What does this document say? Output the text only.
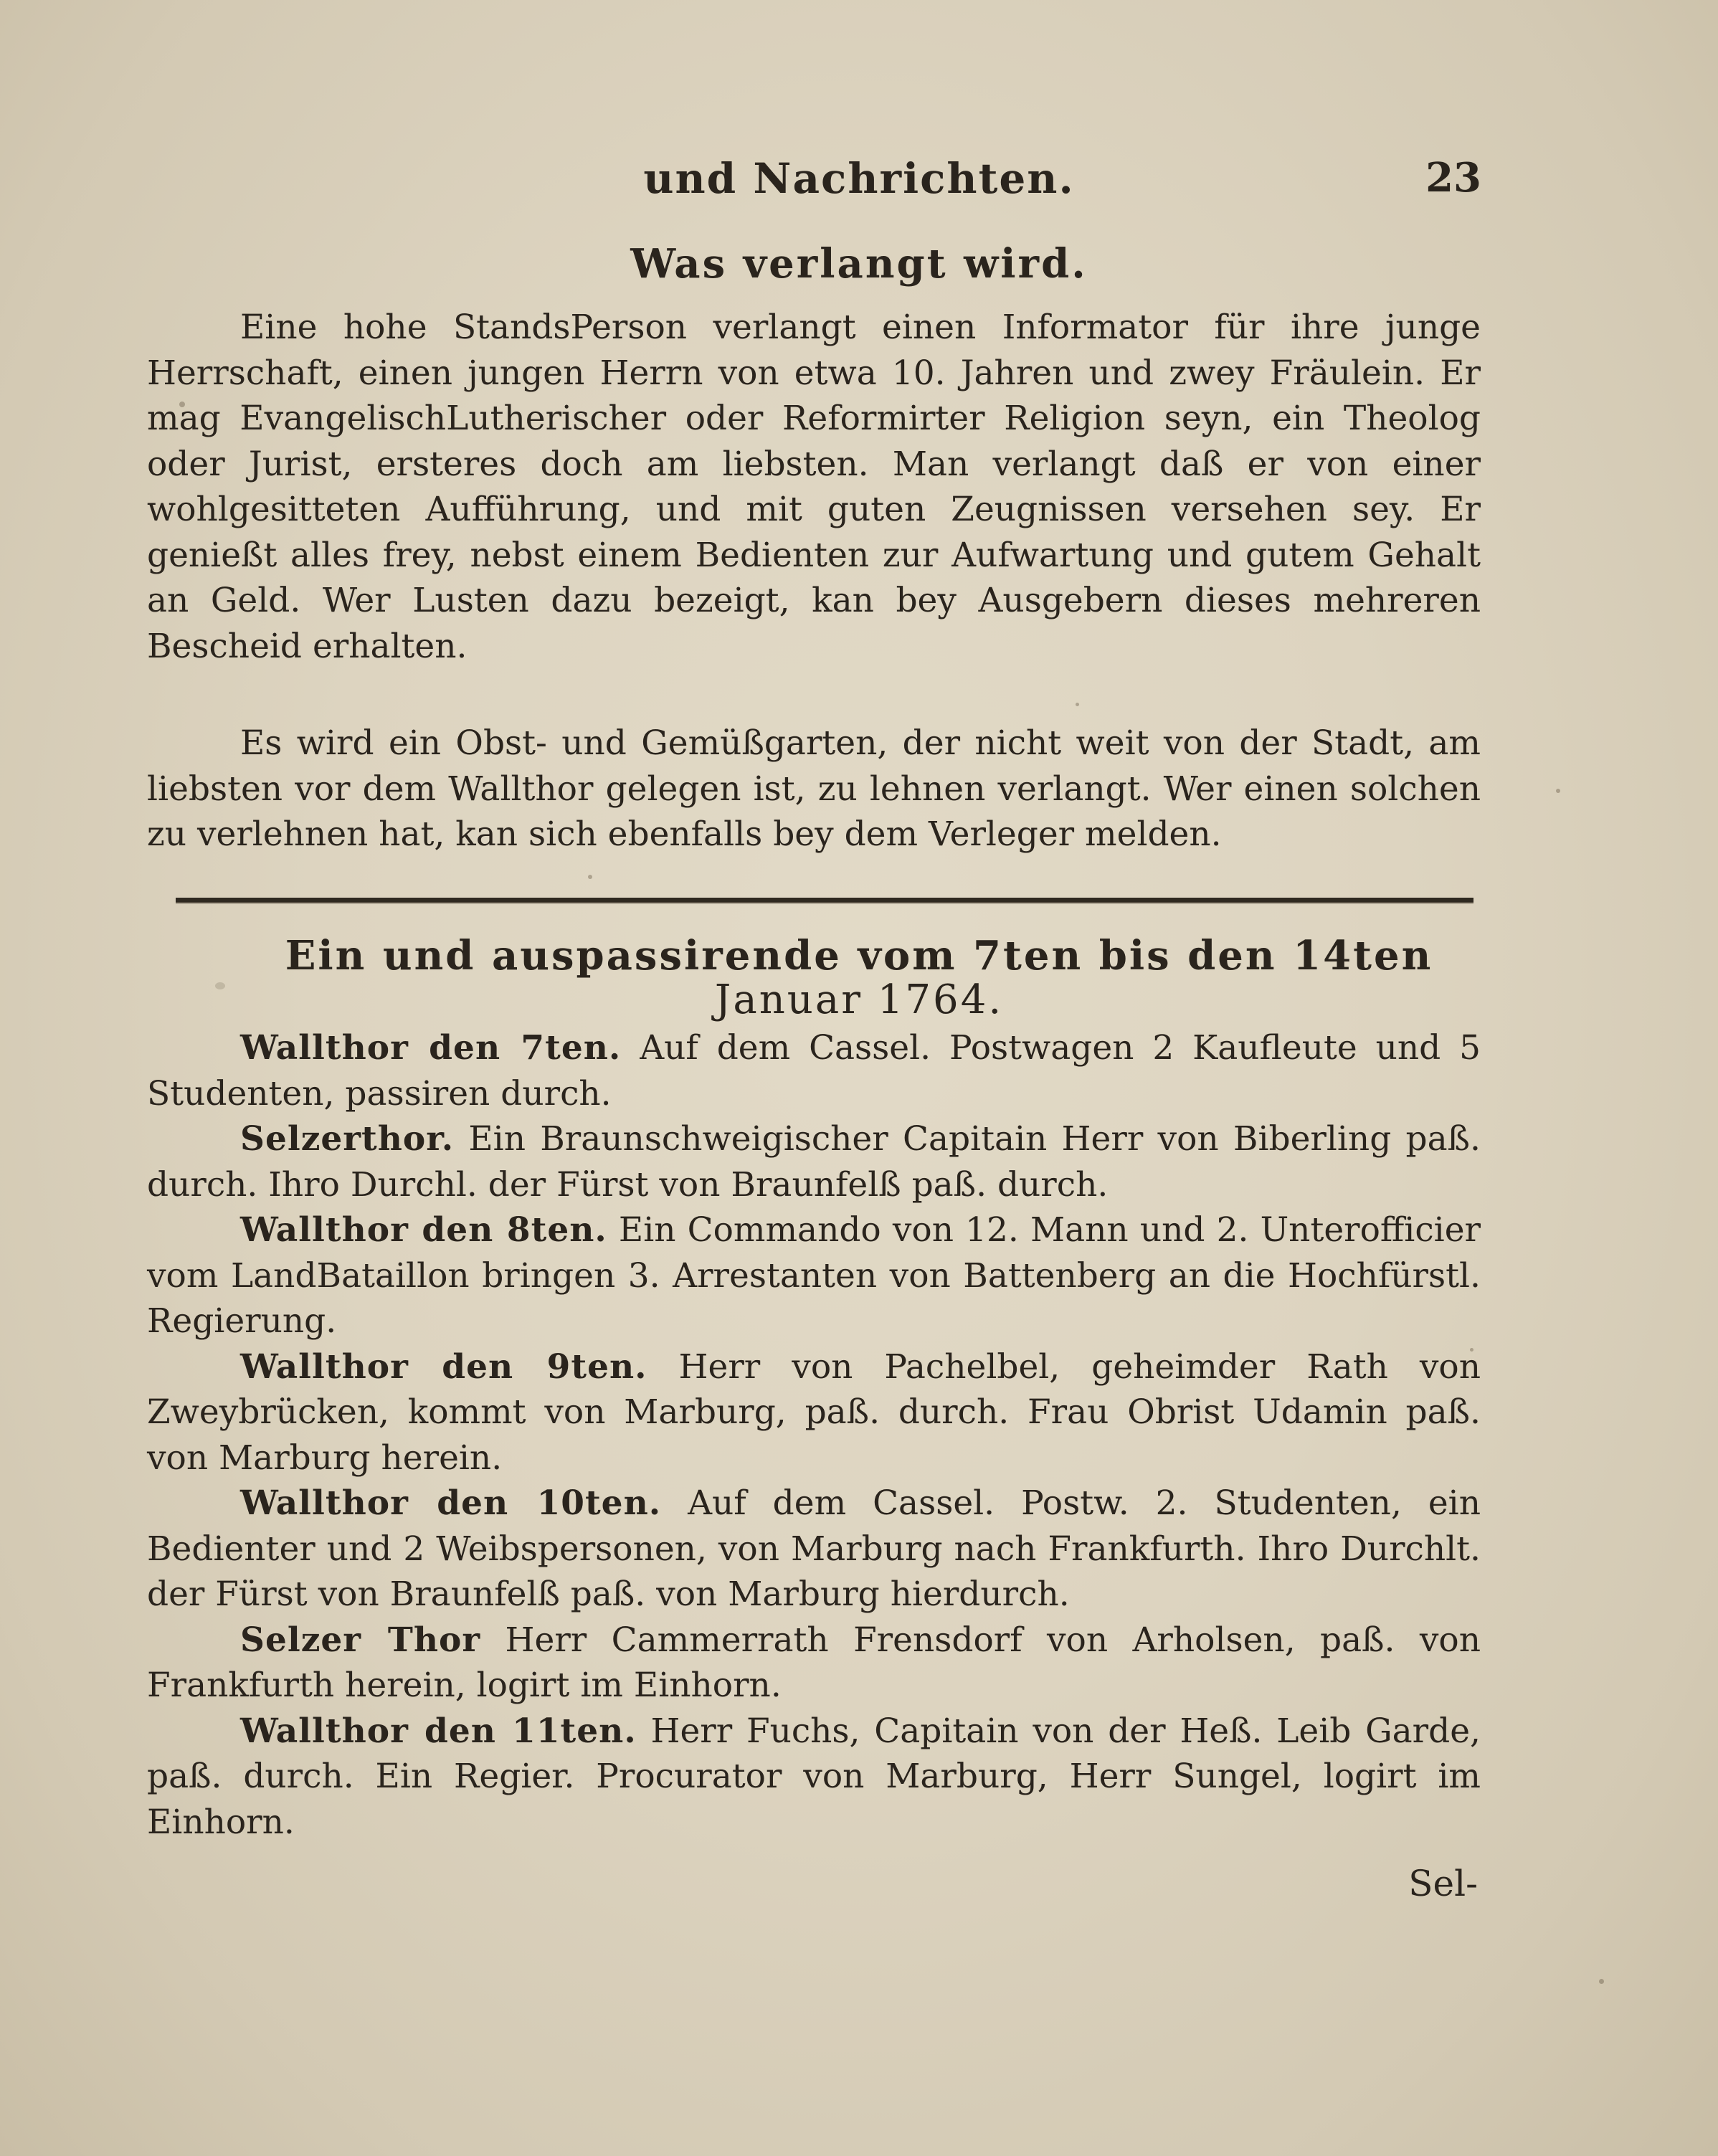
und Nachrichten.	23
Was verlangt wird.

Eine hohe StandsPerson verlangt einen Informator für ihre junge Herrschaft, einen jungen Herrn von etwa 10. Jahren und zwey Fräulein. Er mag EvangelischLutherischer oder Reformirter Religion seyn, ein Theolog oder Jurist, ersteres doch am liebsten. Man verlangt daß er von einer wohlgesitteten Aufführung, und mit guten Zeugnissen versehen sey. Er genießt alles frey, nebst einem Bedienten zur Aufwartung und gutem Gehalt an Geld. Wer Lusten dazu bezeigt, kan bey Ausgebern dieses mehreren Bescheid erhalten.

Es wird ein Obst- und Gemüßgarten, der nicht weit von der Stadt, am liebsten vor dem Wallthor gelegen ist, zu lehnen verlangt. Wer einen solchen zu verlehnen hat, kan sich ebenfalls bey dem Verleger melden.

Ein und auspassirende vom 7ten bis den 14ten
Januar 1764.

Wallthor den 7ten. Auf dem Cassel. Postwagen 2 Kaufleute und 5 Studenten, passiren durch.

Selzerthor. Ein Braunschweigischer Capitain Herr von Biberling paß. durch. Ihro Durchl. der Fürst von Braunfelß paß. durch.

Wallthor den 8ten. Ein Commando von 12. Mann und 2. Unterofficier vom LandBataillon bringen 3. Arrestanten von Battenberg an die Hochfürstl. Regierung.

Wallthor den 9ten. Herr von Pachelbel, geheimder Rath von Zweybrücken, kommt von Marburg, paß. durch. Frau Obrist Udamin paß. von Marburg herein.

Wallthor den 10ten. Auf dem Cassel. Postw. 2. Studenten, ein Bedienter und 2 Weibspersonen, von Marburg nach Frankfurth. Ihro Durchlt. der Fürst von Braunfelß paß. von Marburg hierdurch.

Selzer Thor Herr Cammerrath Frensdorf von Arholsen, paß. von Frankfurth herein, logirt im Einhorn.

Wallthor den 11ten. Herr Fuchs, Capitain von der Heß. Leib Garde, paß. durch. Ein Regier. Procurator von Marburg, Herr Sungel, logirt im Einhorn.

Sel-
